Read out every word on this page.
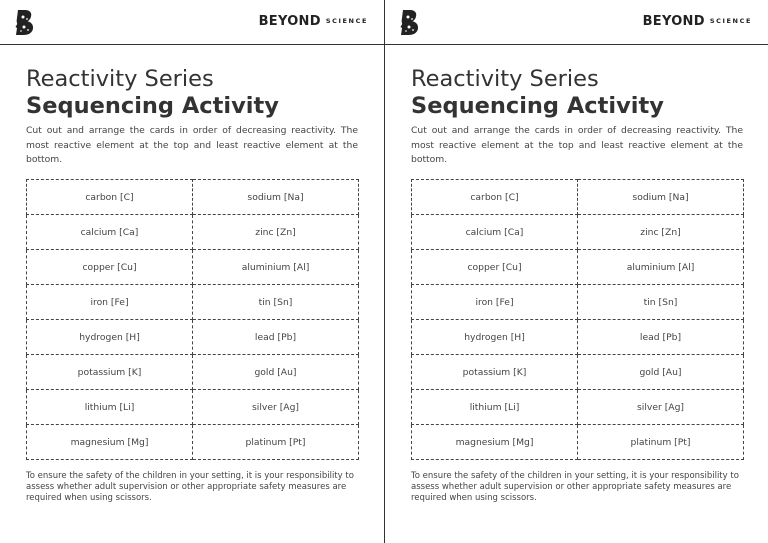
BEYOND $^{SCIENCE}$
Reactivity Series Sequencing Activity

Cut out and arrange the cards in order of decreasing reactivity. The most reactive element at the top and least reactive element at the bottom.

carbon [C]	sodium [Na]
calcium [Ca]	zinc [Zn]
copper [Cu]	aluminium [Al]
iron [Fe]	tin [Sn]
hydrogen [H]	lead [Pb]
potassium [K]	gold [Au]
lithium [Li]	silver [Ag]
magnesium [Mg]	platinum [Pt]

To ensure the safety of the children in your setting, it is your responsibility to assess whether adult supervision or other appropriate safety measures are required when using scissors.

BEYOND $^{SCIENCE}$
Reactivity Series Sequencing Activity

Cut out and arrange the cards in order of decreasing reactivity. The most reactive element at the top and least reactive element at the bottom.

carbon [C]	sodium [Na]
calcium [Ca]	zinc [Zn]
copper [Cu]	aluminium [Al]
iron [Fe]	tin [Sn]
hydrogen [H]	lead [Pb]
potassium [K]	gold [Au]
lithium [Li]	silver [Ag]
magnesium [Mg]	platinum [Pt]

To ensure the safety of the children in your setting, it is your responsibility to assess whether adult supervision or other appropriate safety measures are required when using scissors.
